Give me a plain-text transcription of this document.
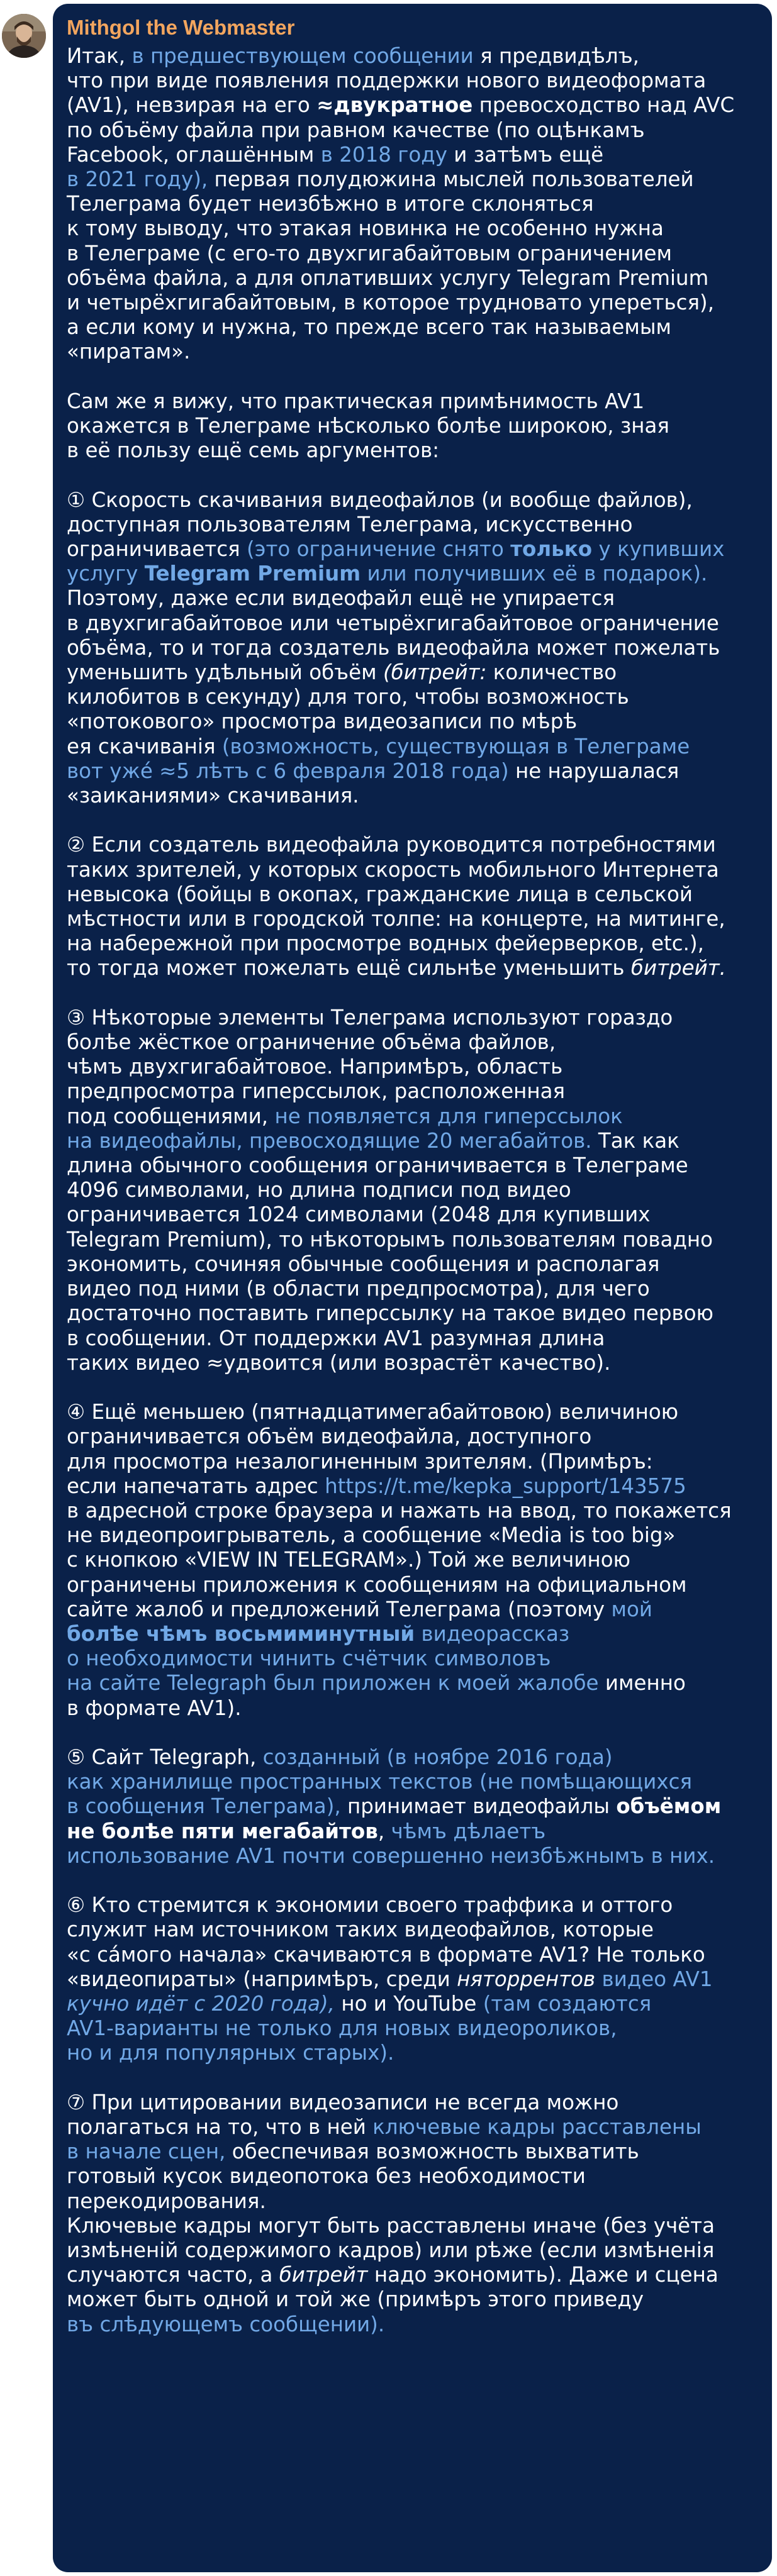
Mithgol the Webmaster
Итак, в предшествующем сообщении я предвидѣлъ,
что при виде появления поддержки нового видеоформата
(AV1), невзирая на его ≈двукратное превосходство над AVC
по объёму файла при равном качестве (по оцѣнкамъ
Facebook, оглашённым в 2018 году и затѣмъ ещё
в 2021 году), первая полудюжина мыслей пользователей
Телеграма будет неизбѣжно в итоге склоняться
к тому выводу, что этакая новинка не особенно нужна
в Телеграме (с его-то двухгигабайтовым ограничением
объёма файла, а для оплативших услугу Telegram Premium
и четырёхгигабайтовым, в которое трудновато упереться),
а если кому и нужна, то прежде всего так называемым
«пиратам».
Сам же я вижу, что практическая примѣнимость AV1
окажется в Телеграме нѣсколько болѣе широкою, зная
в её пользу ещё семь аргументов:
① Скорость скачивания видеофайлов (и вообще файлов),
доступная пользователям Телеграма, искусственно
ограничивается (это ограничение снято только у купивших
услугу Telegram Premium или получивших её в подарок).
Поэтому, даже если видеофайл ещё не упирается
в двухгигабайтовое или четырёхгигабайтовое ограничение
объёма, то и тогда создатель видеофайла может пожелать
уменьшить удѣльный объём (битрейт: количество
килобитов в секунду) для того, чтобы возможность
«потокового» просмотра видеозаписи по мѣрѣ
ея скачиванія (возможность, существующая в Телеграме
вот ужé ≈5 лѣтъ с 6 февраля 2018 года) не нарушалася
«заиканиями» скачивания.
② Если создатель видеофайла руководится потребностями
таких зрителей, у которых скорость мобильного Интернета
невысока (бойцы в окопах, гражданские лица в сельской
мѣстности или в городской толпе: на концерте, на митинге,
на набережной при просмотре водных фейерверков, etc.),
то тогда может пожелать ещё сильнѣе уменьшить битрейт.
③ Нѣкоторые элементы Телеграма используют гораздо
болѣе жёсткое ограничение объёма файлов,
чѣмъ двухгигабайтовое. Напримѣръ, область
предпросмотра гиперссылок, расположенная
под сообщениями, не появляется для гиперссылок
на видеофайлы, превосходящие 20 мегабайтов. Так как
длина обычного сообщения ограничивается в Телеграме
4096 символами, но длина подписи под видео
ограничивается 1024 символами (2048 для купивших
Telegram Premium), то нѣкоторымъ пользователям повадно
экономить, сочиняя обычные сообщения и располагая
видео под ними (в области предпросмотра), для чего
достаточно поставить гиперссылку на такое видео первою
в сообщении. От поддержки AV1 разумная длина
таких видео ≈удвоится (или возрастёт качество).
④ Ещё меньшею (пятнадцатимегабайтовою) величиною
ограничивается объём видеофайла, доступного
для просмотра незалогиненным зрителям. (Примѣръ:
если напечатать адрес https://t.me/kepka_support/143575
в адресной строке браузера и нажать на ввод, то покажется
не видеопроигрыватель, а сообщение «Media is too big»
с кнопкою «VIEW IN TELEGRAM».) Той же величиною
ограничены приложения к сообщениям на официальном
сайте жалоб и предложений Телеграма (поэтому мой
болѣе чѣмъ восьмиминутный видеорассказ
о необходимости чинить счётчик символовъ
на сайте Telegraph был приложен к моей жалобе именно
в формате AV1).
⑤ Сайт Telegraph, созданный (в ноябре 2016 года)
как хранилище пространных текстов (не помѣщающихся
в сообщения Телеграма), принимает видеофайлы объёмом
не болѣе пяти мегабайтов, чѣмъ дѣлаетъ
использование AV1 почти совершенно неизбѣжнымъ в них.
⑥ Кто стремится к экономии своего траффика и оттого
служит нам источником таких видеофайлов, которые
«с сáмого начала» скачиваются в формате AV1? Не только
«видеопираты» (напримѣръ, среди няторрентов видео AV1
кучно идёт с 2020 года), но и YouTube (там создаются
AV1-варианты не только для новых видеороликов,
но и для популярных старых).
⑦ При цитировании видеозаписи не всегда можно
полагаться на то, что в ней ключевые кадры расставлены
в начале сцен, обеспечивая возможность выхватить
готовый кусок видеопотока без необходимости перекодирования.
Ключевые кадры могут быть расставлены иначе (без учёта
измѣненій содержимого кадров) или рѣже (если измѣненія
случаются часто, а битрейт надо экономить). Даже и сцена
может быть одной и той же (примѣръ этого приведу
въ слѣдующемъ сообщении).
